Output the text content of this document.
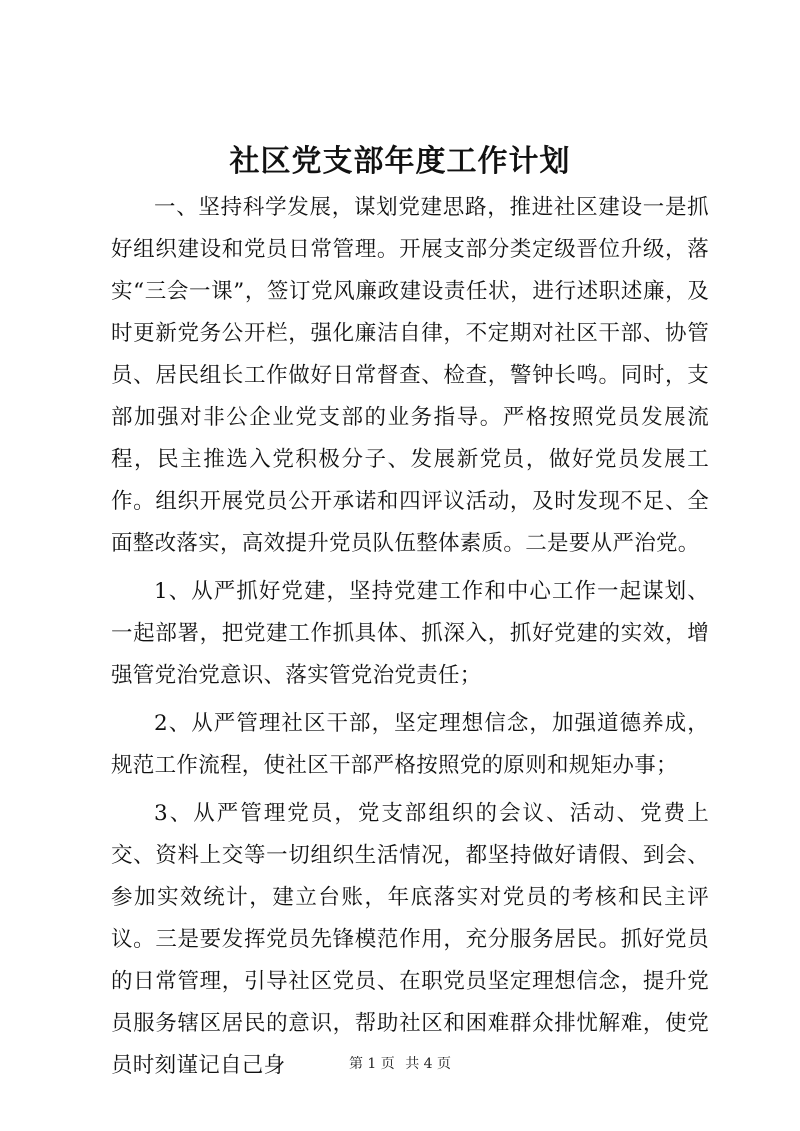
社区党支部年度工作计划

一、坚持科学发展，谋划党建思路，推进社区建设一是抓好组织建设和党员日常管理。开展支部分类定级晋位升级，落实“三会一课”，签订党风廉政建设责任状，进行述职述廉，及时更新党务公开栏，强化廉洁自律，不定期对社区干部、协管员、居民组长工作做好日常督查、检查，警钟长鸣。同时，支部加强对非公企业党支部的业务指导。严格按照党员发展流程，民主推选入党积极分子、发展新党员，做好党员发展工作。组织开展党员公开承诺和四评议活动，及时发现不足、全面整改落实，高效提升党员队伍整体素质。二是要从严治党。

1、从严抓好党建，坚持党建工作和中心工作一起谋划、一起部署，把党建工作抓具体、抓深入，抓好党建的实效，增强管党治党意识、落实管党治党责任；

2、从严管理社区干部，坚定理想信念，加强道德养成，规范工作流程，使社区干部严格按照党的原则和规矩办事；

3、从严管理党员，党支部组织的会议、活动、党费上交、资料上交等一切组织生活情况，都坚持做好请假、到会、参加实效统计，建立台账，年底落实对党员的考核和民主评议。三是要发挥党员先锋模范作用，充分服务居民。抓好党员的日常管理，引导社区党员、在职党员坚定理想信念，提升党员服务辖区居民的意识，帮助社区和困难群众排忧解难，使党员时刻谨记自己身	第 1 页 共 4 页
